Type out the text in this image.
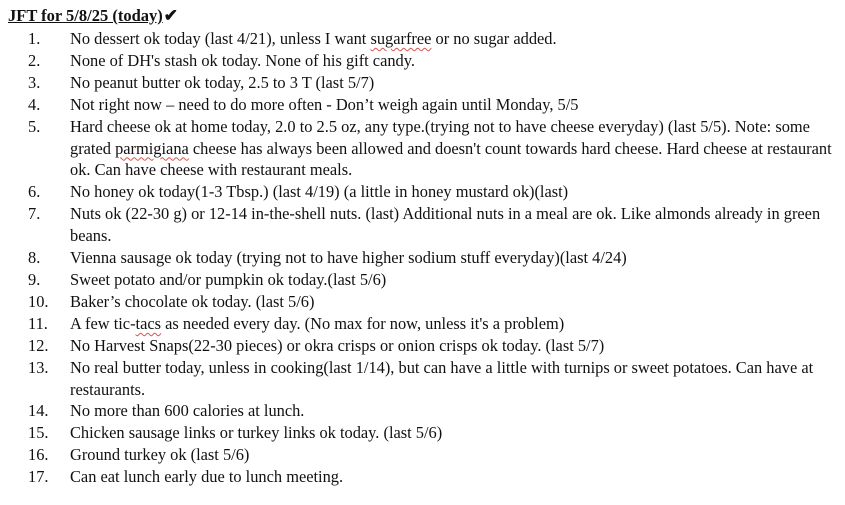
JFT for 5/8/25 (today)✔
1.	No dessert ok today (last 4/21), unless I want sugarfree or no sugar added.
2.	None of DH's stash ok today. None of his gift candy.
3.	No peanut butter ok today, 2.5 to 3 T (last 5/7)
4.	Not right now – need to do more often - Don’t weigh again until Monday, 5/5
5.	Hard cheese ok at home today, 2.0 to 2.5 oz, any type.(trying not to have cheese everyday) (last 5/5). Note: some grated parmigiana cheese has always been allowed and doesn't count towards hard cheese. Hard cheese at restaurant ok. Can have cheese with restaurant meals.
6.	No honey ok today(1-3 Tbsp.) (last 4/19) (a little in honey mustard ok)(last)
7.	Nuts ok (22-30 g) or 12-14 in-the-shell nuts. (last) Additional nuts in a meal are ok. Like almonds already in green beans.
8.	Vienna sausage ok today (trying not to have higher sodium stuff everyday)(last 4/24)
9.	Sweet potato and/or pumpkin ok today.(last 5/6)
10.	Baker’s chocolate ok today. (last 5/6)
11.	A few tic-tacs as needed every day. (No max for now, unless it's a problem)
12.	No Harvest Snaps(22-30 pieces) or okra crisps or onion crisps ok today. (last 5/7)
13.	No real butter today, unless in cooking(last 1/14), but can have a little with turnips or sweet potatoes. Can have at restaurants.
14.	No more than 600 calories at lunch.
15.	Chicken sausage links or turkey links ok today. (last 5/6)
16.	Ground turkey ok (last 5/6)
17.	Can eat lunch early due to lunch meeting.
